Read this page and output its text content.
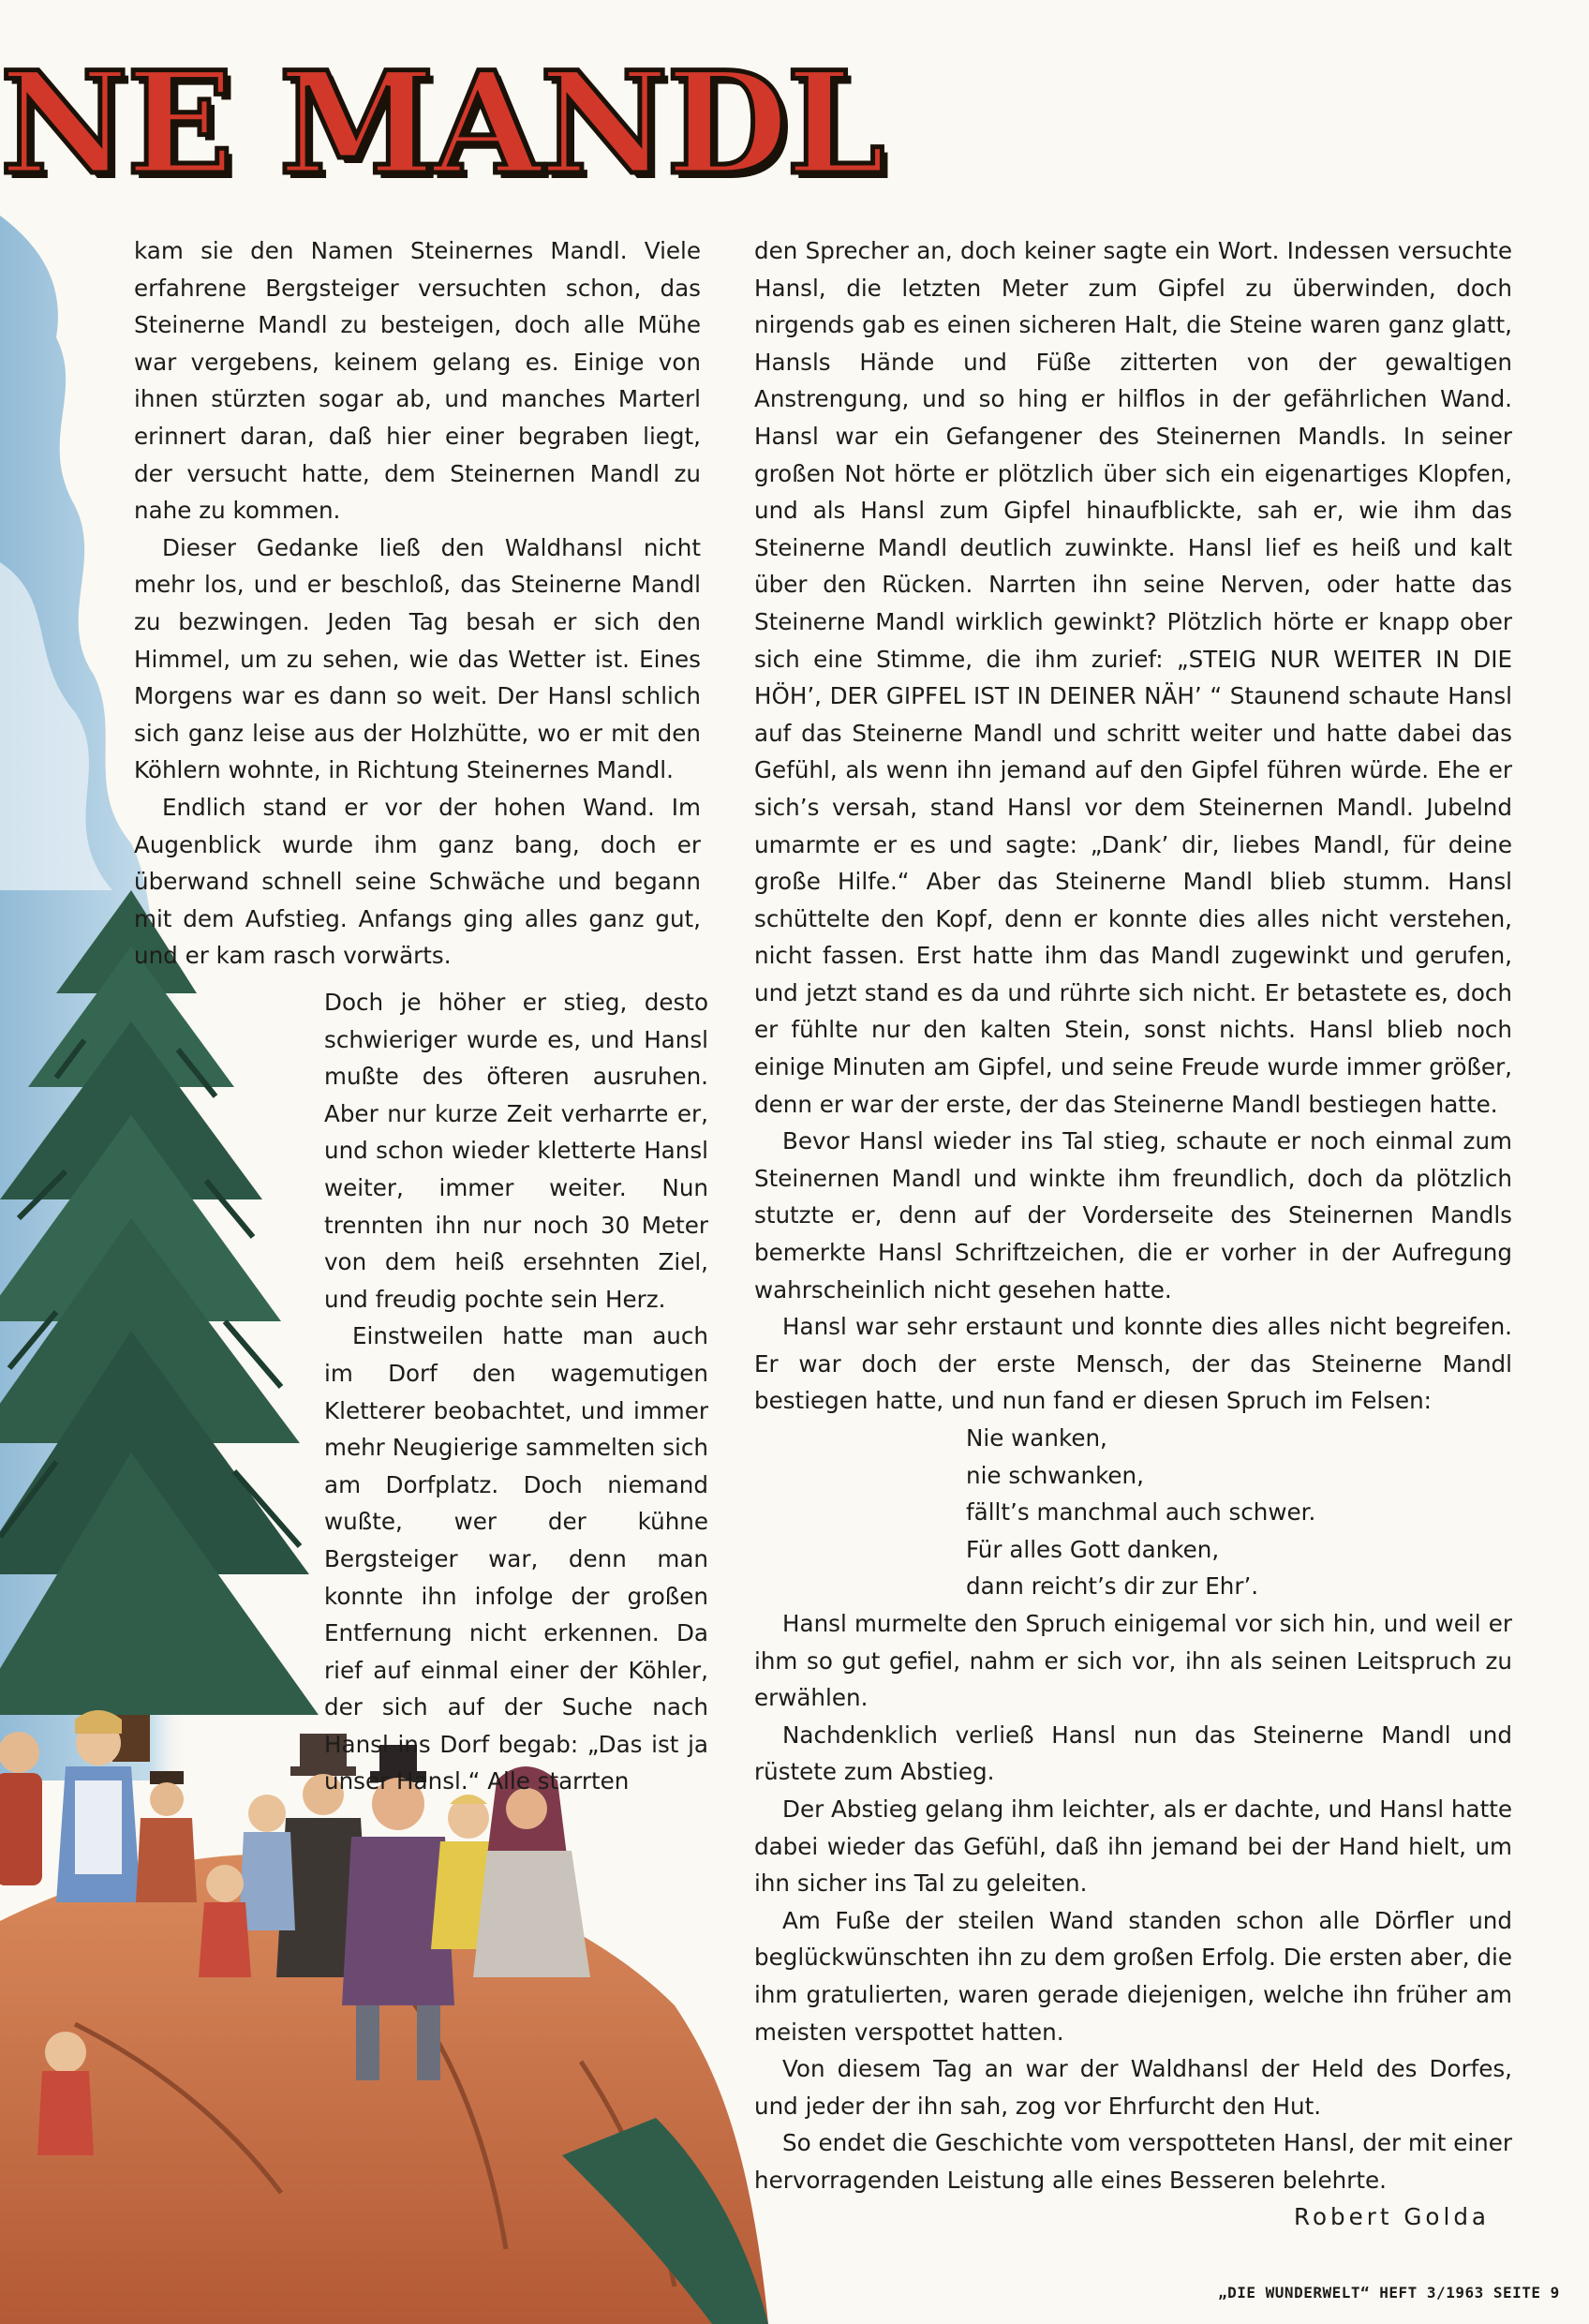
NE MANDL

kam sie den Namen Steinernes Mandl. Viele erfahrene Bergsteiger versuchten schon, das Steinerne Mandl zu besteigen, doch alle Mühe war vergebens, keinem gelang es. Einige von ihnen stürzten sogar ab, und manches Marterl erinnert daran, daß hier einer begraben liegt, der versucht hatte, dem Steinernen Mandl zu nahe zu kommen.

Dieser Gedanke ließ den Waldhansl nicht mehr los, und er beschloß, das Steinerne Mandl zu bezwingen. Jeden Tag besah er sich den Himmel, um zu sehen, wie das Wetter ist. Eines Morgens war es dann so weit. Der Hansl schlich sich ganz leise aus der Holzhütte, wo er mit den Köhlern wohnte, in Richtung Steinernes Mandl.

Endlich stand er vor der hohen Wand. Im Augenblick wurde ihm ganz bang, doch er überwand schnell seine Schwäche und begann mit dem Aufstieg. Anfangs ging alles ganz gut, und er kam rasch vorwärts.

Doch je höher er stieg, desto schwieriger wurde es, und Hansl mußte des öfteren ausruhen. Aber nur kurze Zeit verharrte er, und schon wieder kletterte Hansl weiter, immer weiter. Nun trennten ihn nur noch 30 Meter von dem heiß ersehnten Ziel, und freudig pochte sein Herz.

Einstweilen hatte man auch im Dorf den wagemutigen Kletterer beobachtet, und immer mehr Neugierige sammelten sich am Dorfplatz. Doch niemand wußte, wer der kühne Bergsteiger war, denn man konnte ihn infolge der großen Entfernung nicht erkennen. Da rief auf einmal einer der Köhler, der sich auf der Suche nach Hansl ins Dorf begab: „Das ist ja unser Hansl.“ Alle starrten

den Sprecher an, doch keiner sagte ein Wort. Indessen versuchte Hansl, die letzten Meter zum Gipfel zu überwinden, doch nirgends gab es einen sicheren Halt, die Steine waren ganz glatt, Hansls Hände und Füße zitterten von der gewaltigen Anstrengung, und so hing er hilflos in der gefährlichen Wand. Hansl war ein Gefangener des Steinernen Mandls. In seiner großen Not hörte er plötzlich über sich ein eigenartiges Klopfen, und als Hansl zum Gipfel hinaufblickte, sah er, wie ihm das Steinerne Mandl deutlich zuwinkte. Hansl lief es heiß und kalt über den Rücken. Narrten ihn seine Nerven, oder hatte das Steinerne Mandl wirklich gewinkt? Plötzlich hörte er knapp ober sich eine Stimme, die ihm zurief: „STEIG NUR WEITER IN DIE HÖH’, DER GIPFEL IST IN DEINER NÄH’ “ Staunend schaute Hansl auf das Steinerne Mandl und schritt weiter und hatte dabei das Gefühl, als wenn ihn jemand auf den Gipfel führen würde. Ehe er sich’s versah, stand Hansl vor dem Steinernen Mandl. Jubelnd umarmte er es und sagte: „Dank’ dir, liebes Mandl, für deine große Hilfe.“ Aber das Steinerne Mandl blieb stumm. Hansl schüttelte den Kopf, denn er konnte dies alles nicht verstehen, nicht fassen. Erst hatte ihm das Mandl zugewinkt und gerufen, und jetzt stand es da und rührte sich nicht. Er betastete es, doch er fühlte nur den kalten Stein, sonst nichts. Hansl blieb noch einige Minuten am Gipfel, und seine Freude wurde immer größer, denn er war der erste, der das Steinerne Mandl bestiegen hatte.

Bevor Hansl wieder ins Tal stieg, schaute er noch einmal zum Steinernen Mandl und winkte ihm freundlich, doch da plötzlich stutzte er, denn auf der Vorderseite des Steinernen Mandls bemerkte Hansl Schriftzeichen, die er vorher in der Aufregung wahrscheinlich nicht gesehen hatte.

Hansl war sehr erstaunt und konnte dies alles nicht begreifen. Er war doch der erste Mensch, der das Steinerne Mandl bestiegen hatte, und nun fand er diesen Spruch im Felsen:

Nie wanken,
nie schwanken,
fällt’s manchmal auch schwer.
Für alles Gott danken,
dann reicht’s dir zur Ehr’.

Hansl murmelte den Spruch einigemal vor sich hin, und weil er ihm so gut gefiel, nahm er sich vor, ihn als seinen Leitspruch zu erwählen.

Nachdenklich verließ Hansl nun das Steinerne Mandl und rüstete zum Abstieg.

Der Abstieg gelang ihm leichter, als er dachte, und Hansl hatte dabei wieder das Gefühl, daß ihn jemand bei der Hand hielt, um ihn sicher ins Tal zu geleiten.

Am Fuße der steilen Wand standen schon alle Dörfler und beglückwünschten ihn zu dem großen Erfolg. Die ersten aber, die ihm gratulierten, waren gerade diejenigen, welche ihn früher am meisten verspottet hatten.

Von diesem Tag an war der Waldhansl der Held des Dorfes, und jeder der ihn sah, zog vor Ehrfurcht den Hut.

So endet die Geschichte vom verspotteten Hansl, der mit einer hervorragenden Leistung alle eines Besseren belehrte.

Robert Golda
„DIE WUNDERWELT“ HEFT 3/1963 SEITE 9
